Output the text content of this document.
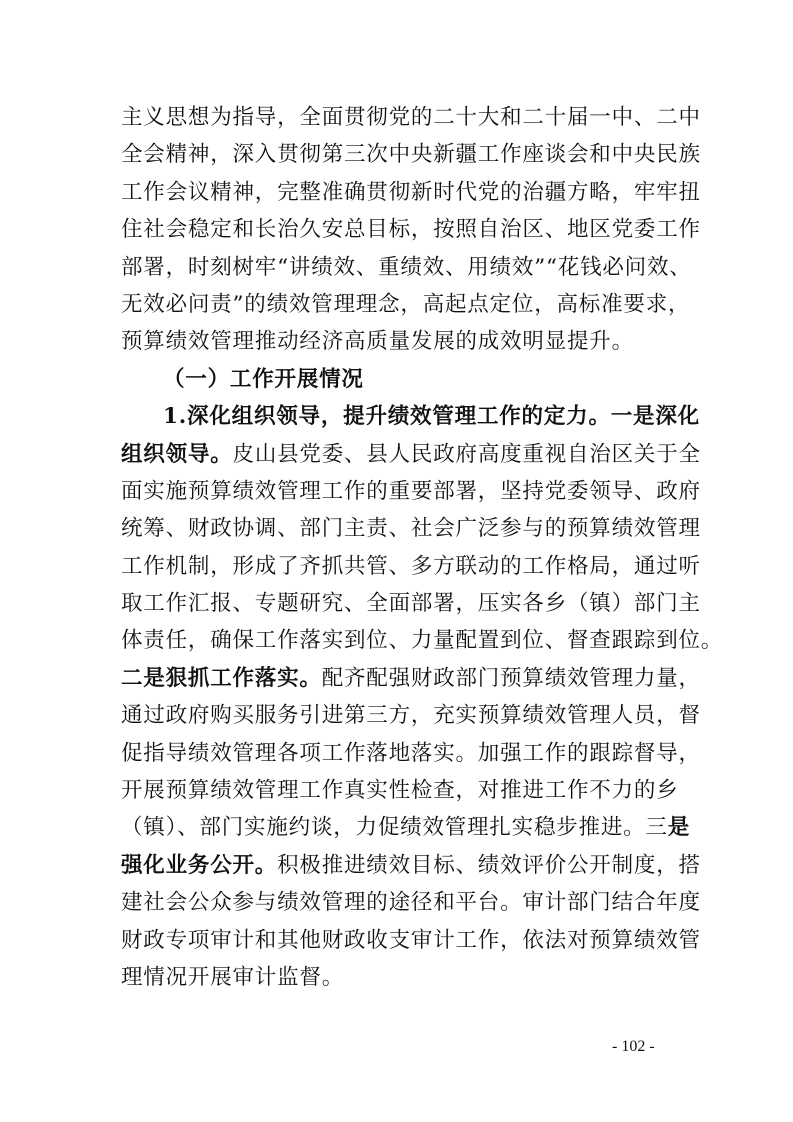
主义思想为指导，全面贯彻党的二十大和二十届一中、二中
全会精神，深入贯彻第三次中央新疆工作座谈会和中央民族
工作会议精神，完整准确贯彻新时代党的治疆方略，牢牢扭
住社会稳定和长治久安总目标，按照自治区、地区党委工作
部署，时刻树牢“讲绩效、重绩效、用绩效”“花钱必问效、
无效必问责”的绩效管理理念，高起点定位，高标准要求，
预算绩效管理推动经济高质量发展的成效明显提升。
（一）工作开展情况
1.深化组织领导，提升绩效管理工作的定力。一是深化
组织领导。皮山县党委、县人民政府高度重视自治区关于全
面实施预算绩效管理工作的重要部署，坚持党委领导、政府
统筹、财政协调、部门主责、社会广泛参与的预算绩效管理
工作机制，形成了齐抓共管、多方联动的工作格局，通过听
取工作汇报、专题研究、全面部署，压实各乡（镇）部门主
体责任，确保工作落实到位、力量配置到位、督查跟踪到位。
二是狠抓工作落实。配齐配强财政部门预算绩效管理力量，
通过政府购买服务引进第三方，充实预算绩效管理人员，督
促指导绩效管理各项工作落地落实。加强工作的跟踪督导，
开展预算绩效管理工作真实性检查，对推进工作不力的乡
（镇）、部门实施约谈，力促绩效管理扎实稳步推进。三是
强化业务公开。积极推进绩效目标、绩效评价公开制度，搭
建社会公众参与绩效管理的途径和平台。审计部门结合年度
财政专项审计和其他财政收支审计工作，依法对预算绩效管
理情况开展审计监督。
- 102 -
